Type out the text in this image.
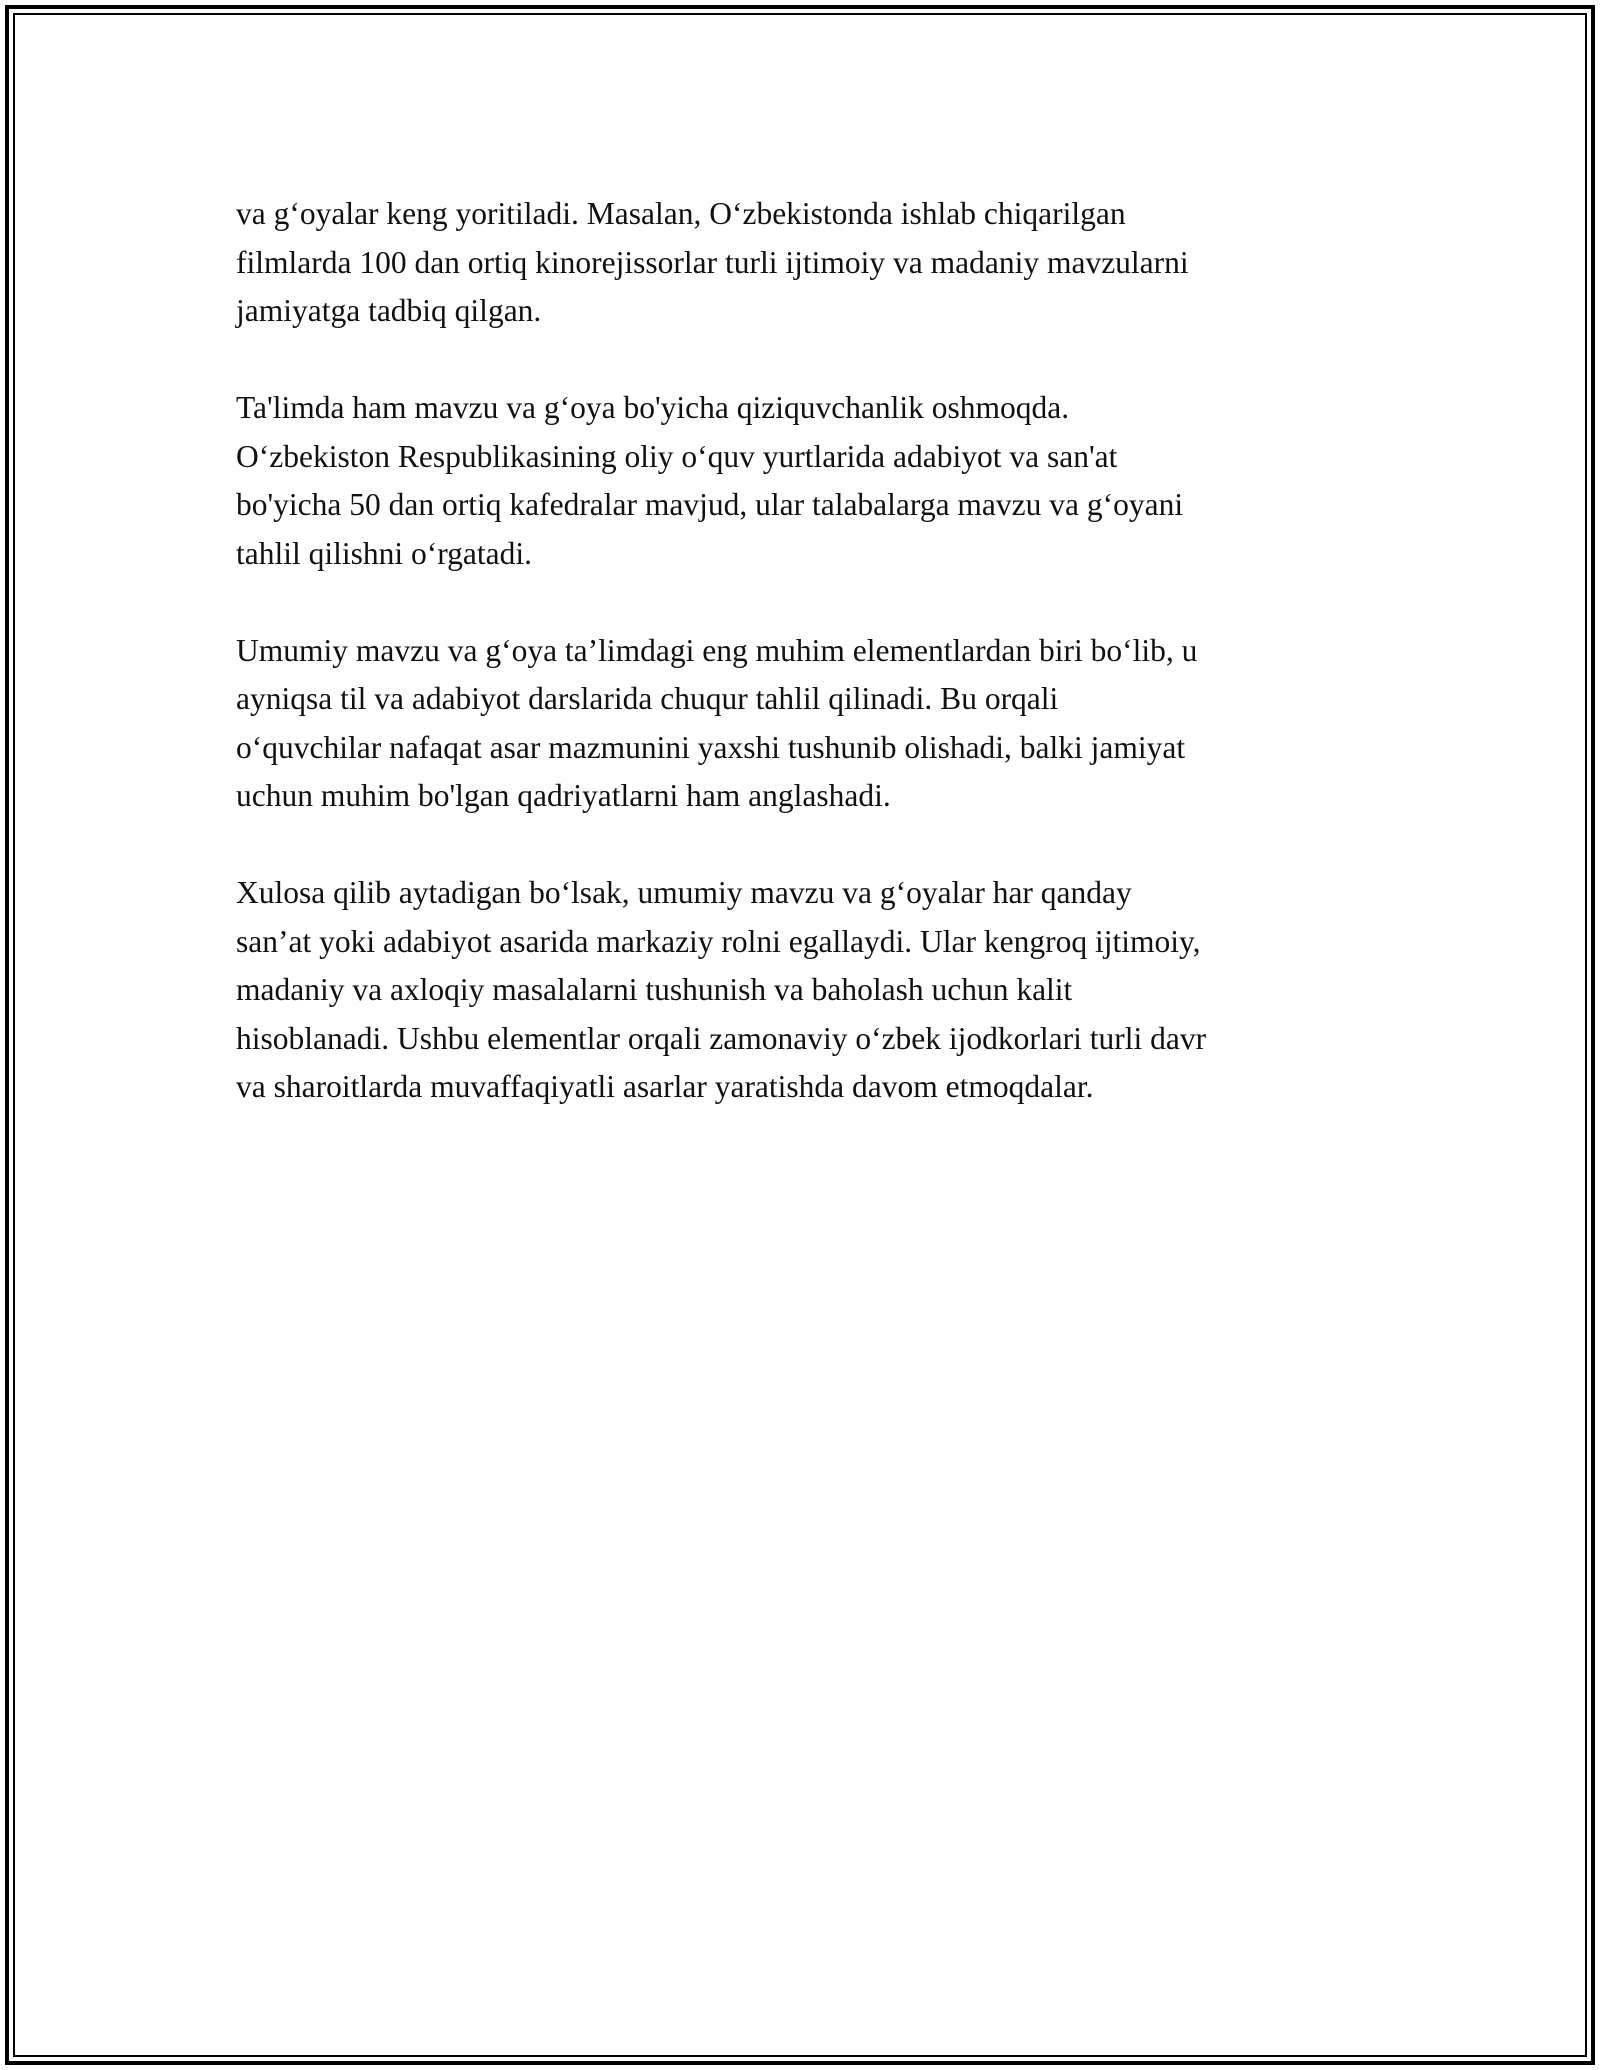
va g‘oyalar keng yoritiladi. Masalan, O‘zbekistonda ishlab chiqarilgan
filmlarda 100 dan ortiq kinorejissorlar turli ijtimoiy va madaniy mavzularni
jamiyatga tadbiq qilgan.

Ta'limda ham mavzu va g‘oya bo'yicha qiziquvchanlik oshmoqda.
O‘zbekiston Respublikasining oliy o‘quv yurtlarida adabiyot va san'at
bo'yicha 50 dan ortiq kafedralar mavjud, ular talabalarga mavzu va g‘oyani
tahlil qilishni o‘rgatadi.

Umumiy mavzu va g‘oya ta’limdagi eng muhim elementlardan biri bo‘lib, u
ayniqsa til va adabiyot darslarida chuqur tahlil qilinadi. Bu orqali
o‘quvchilar nafaqat asar mazmunini yaxshi tushunib olishadi, balki jamiyat
uchun muhim bo'lgan qadriyatlarni ham anglashadi.

Xulosa qilib aytadigan bo‘lsak, umumiy mavzu va g‘oyalar har qanday
san’at yoki adabiyot asarida markaziy rolni egallaydi. Ular kengroq ijtimoiy,
madaniy va axloqiy masalalarni tushunish va baholash uchun kalit
hisoblanadi. Ushbu elementlar orqali zamonaviy o‘zbek ijodkorlari turli davr
va sharoitlarda muvaffaqiyatli asarlar yaratishda davom etmoqdalar.
